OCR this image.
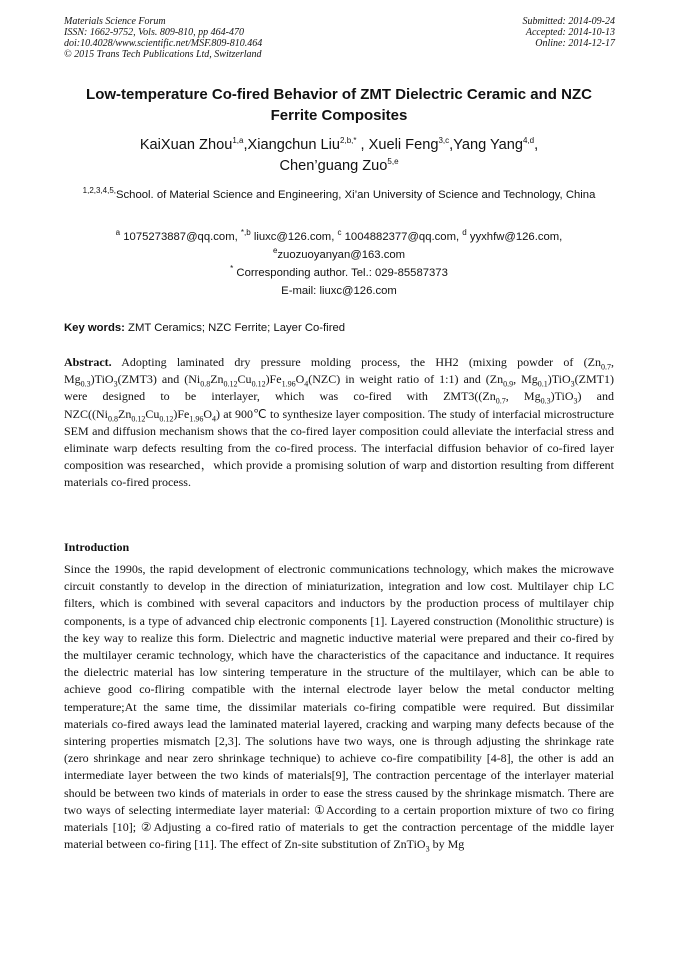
Materials Science Forum
ISSN: 1662-9752, Vols. 809-810, pp 464-470
doi:10.4028/www.scientific.net/MSF.809-810.464
© 2015 Trans Tech Publications Ltd, Switzerland
Submitted: 2014-09-24
Accepted: 2014-10-13
Online: 2014-12-17
Low-temperature Co-fired Behavior of ZMT Dielectric Ceramic and NZC Ferrite Composites
KaiXuan Zhou$^{1,a}$,Xiangchun Liu$^{2,b,*}$ , Xueli Feng$^{3,c}$,Yang Yang$^{4,d}$,
Chen’guang Zuo$^{5,e}$
$^{1,2,3,4,5,}$School. of Material Science and Engineering, Xi’an University of Science and Technology, China
$^a$ 1075273887@qq.com, $^{*,b}$ liuxc@126.com, $^c$ 1004882377@qq.com, $^d$ yyxhfw@126.com,
$^e$zuozuoyanyan@163.com
* Corresponding author. Tel.: 029-85587373
E-mail: liuxc@126.com
Key words: ZMT Ceramics; NZC Ferrite; Layer Co-fired

Abstract. Adopting laminated dry pressure molding process, the HH2 (mixing powder of ($Zn_{0.7}$, $Mg_{0.3})TiO_3(ZMT3)$ and $(Ni_{0.8}Zn_{0.12}Cu_{0.12})Fe_{1.96}O_4(NZC)$ in weight ratio of 1:1) and ($Zn_{0.9}$, $Mg_{0.1})TiO_3(ZMT1)$ were designed to be interlayer, which was co-fired with $ZMT3((Zn_{0.7}$, $Mg_{0.3})TiO_3$) and $NZC((Ni_{0.8}Zn_{0.12}Cu_{0.12})Fe_{1.96}O_4)$ at 900℃ to synthesize layer composition. The study of interfacial microstructure SEM and diffusion mechanism shows that the co-fired layer composition could alleviate the interfacial stress and eliminate warp defects resulting from the co-fired process. The interfacial diffusion behavior of co-fired layer composition was researched，which provide a promising solution of warp and distortion resulting from different materials co-fired process.

Introduction

Since the 1990s, the rapid development of electronic communications technology, which makes the microwave circuit constantly to develop in the direction of miniaturization, integration and low cost. Multilayer chip LC filters, which is combined with several capacitors and inductors by the production process of multilayer chip components, is a type of advanced chip electronic components [1]. Layered construction (Monolithic structure) is the key way to realize this form. Dielectric and magnetic inductive material were prepared and their co-fired by the multilayer ceramic technology, which have the characteristics of the capacitance and inductance. It requires the dielectric material has low sintering temperature in the structure of the multilayer, which can be able to achieve good co-fliring compatible with the internal electrode layer below the metal conductor melting temperature;At the same time, the dissimilar materials co-firing compatible were required. But dissimilar materials co-fired aways lead the laminated material layered, cracking and warping many defects because of the sintering properties mismatch [2,3]. The solutions have two ways, one is through adjusting the shrinkage rate (zero shrinkage and near zero shrinkage technique) to achieve co-fire compatibility [4-8], the other is add an intermediate layer between the two kinds of materials[9], The contraction percentage of the interlayer material should be between two kinds of materials in order to ease the stress caused by the shrinkage mismatch. There are two ways of selecting intermediate layer material: ①According to a certain proportion mixture of two co firing materials [10]; ②Adjusting a co-fired ratio of materials to get the contraction percentage of the middle layer material between co-firing [11]. The effect of Zn-site substitution of ZnTiO$_3$ by Mg
